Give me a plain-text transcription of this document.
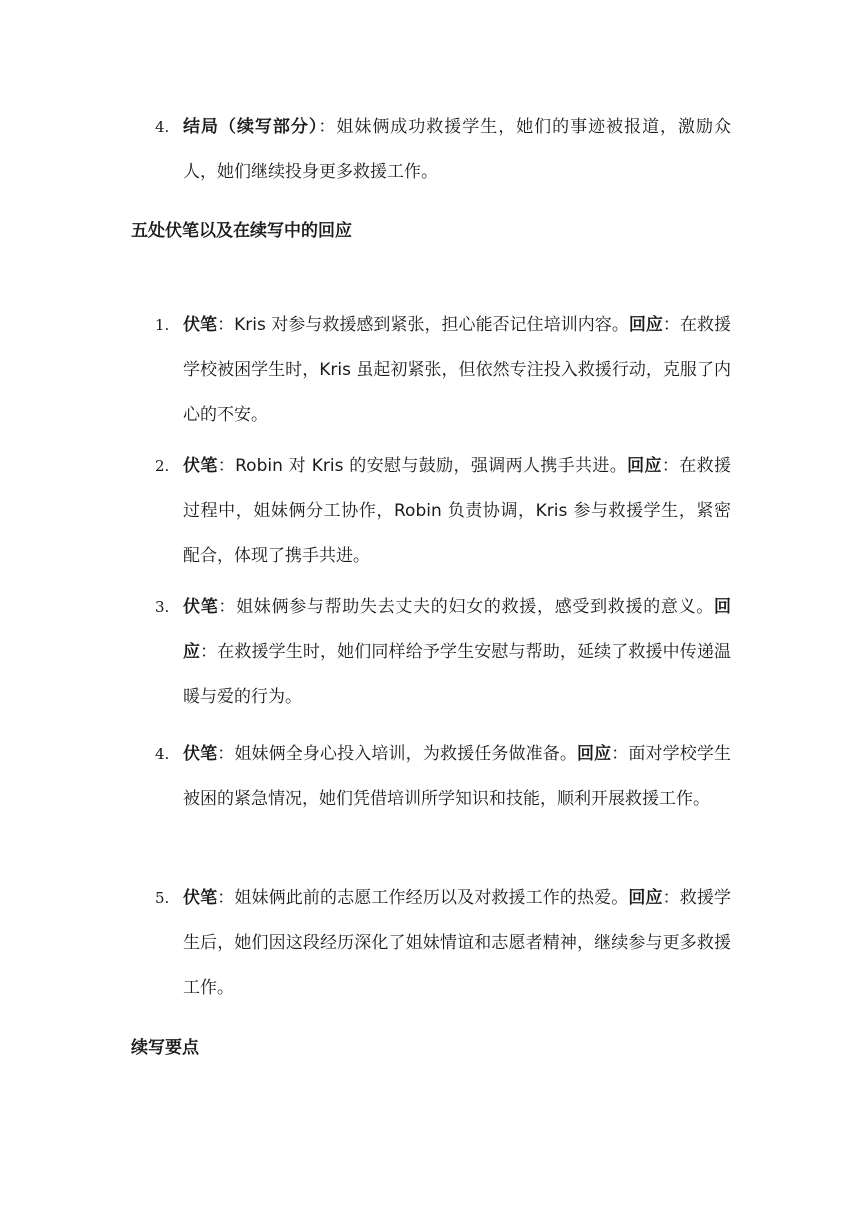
4. 结局（续写部分）：姐妹俩成功救援学生，她们的事迹被报道，激励众人，她们继续投身更多救援工作。
五处伏笔以及在续写中的回应
1. 伏笔：Kris 对参与救援感到紧张，担心能否记住培训内容。回应：在救援学校被困学生时，Kris 虽起初紧张，但依然专注投入救援行动，克服了内心的不安。
2. 伏笔：Robin 对 Kris 的安慰与鼓励，强调两人携手共进。回应：在救援过程中，姐妹俩分工协作，Robin 负责协调，Kris 参与救援学生，紧密配合，体现了携手共进。
3. 伏笔：姐妹俩参与帮助失去丈夫的妇女的救援，感受到救援的意义。回应：在救援学生时，她们同样给予学生安慰与帮助，延续了救援中传递温暖与爱的行为。
4. 伏笔：姐妹俩全身心投入培训，为救援任务做准备。回应：面对学校学生被困的紧急情况，她们凭借培训所学知识和技能，顺利开展救援工作。
5. 伏笔：姐妹俩此前的志愿工作经历以及对救援工作的热爱。回应：救援学生后，她们因这段经历深化了姐妹情谊和志愿者精神，继续参与更多救援工作。
续写要点
